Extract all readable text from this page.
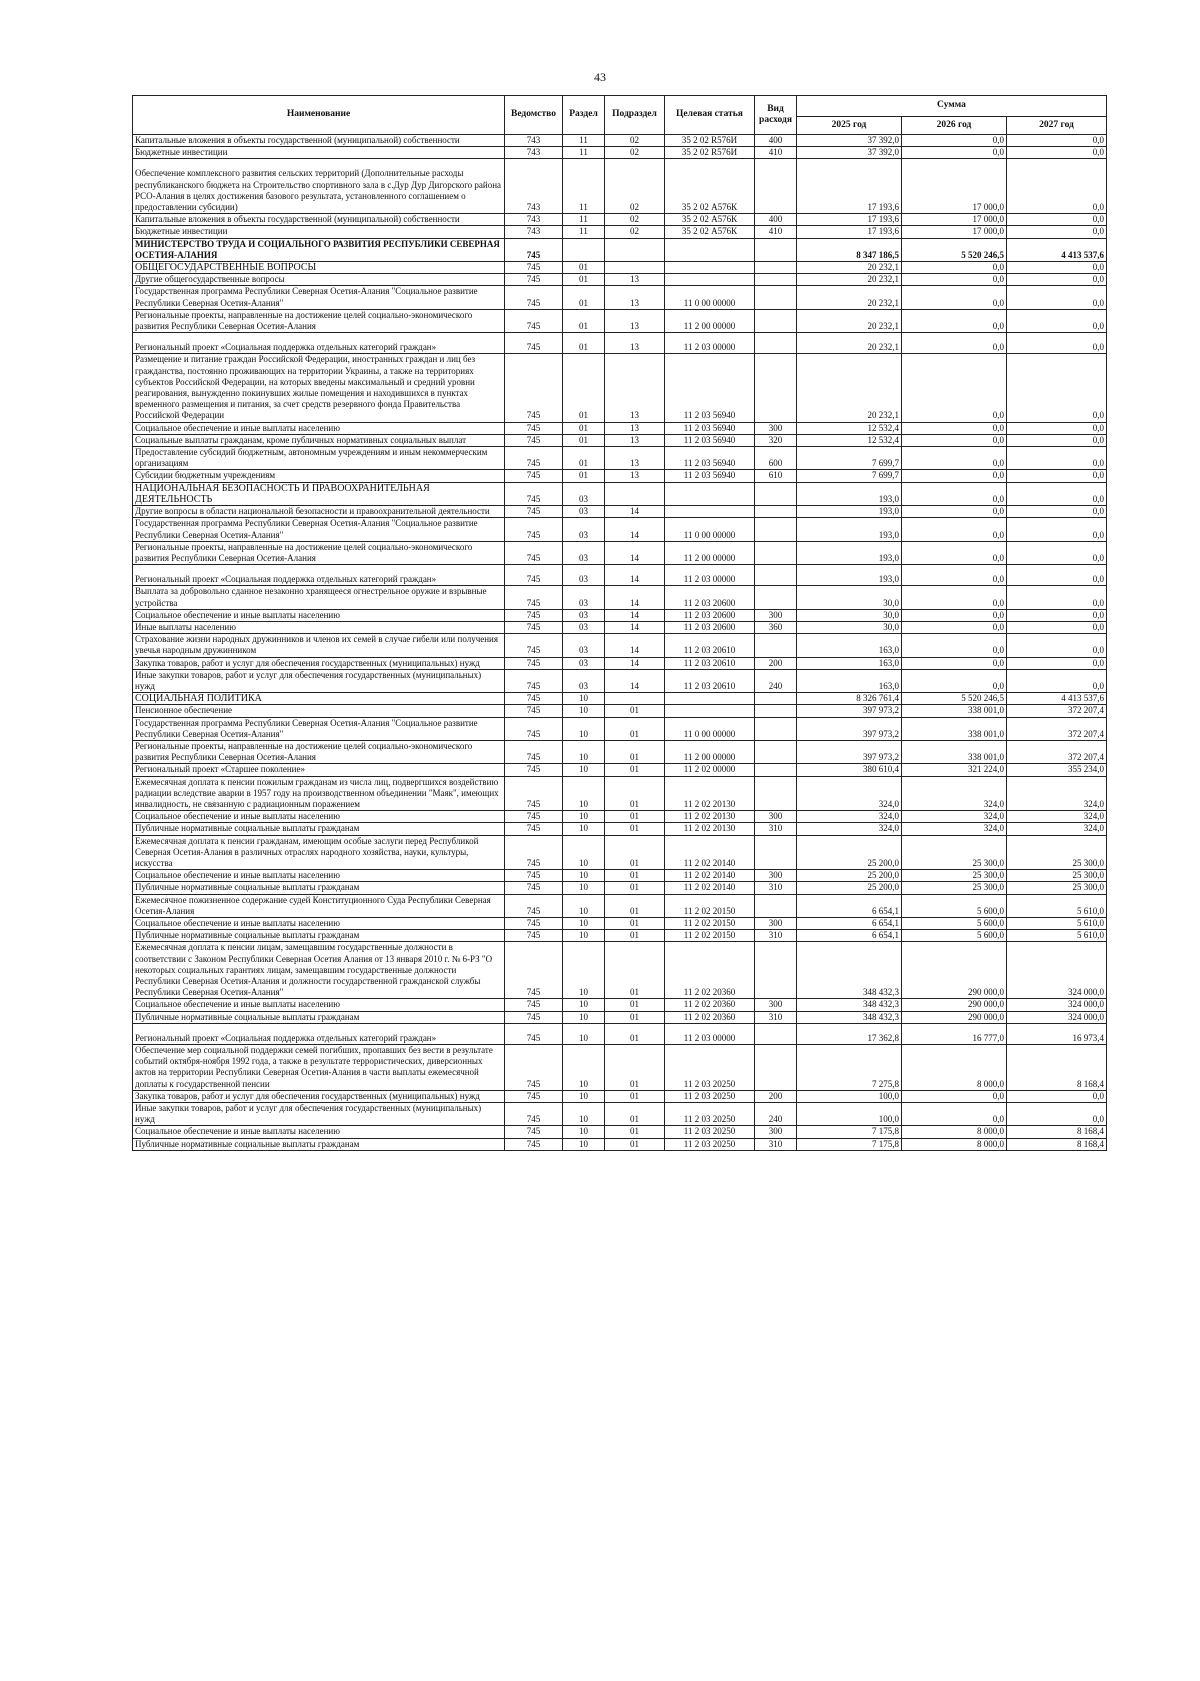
43
Наименование	Ведомство	Раздел	Подраздел	Целевая статья	Вид расходя	Сумма		
						2025 год	2026 год	2027 год
Капитальные вложения в объекты государственной (муниципальной) собственности	743	11	02	35 2 02 R576И	400	37 392,0	0,0	0,0
Бюджетные инвестиции	743	11	02	35 2 02 R576И	410	37 392,0	0,0	0,0
Обеспечение комплексного развития сельских территорий (Дополнительные расходы республиканского бюджета на Строительство спортивного зала в с.Дур Дур Дигорского района РСО-Алания в целях достижения базового результата, установленного соглашением о предоставлении субсидии)	743	11	02	35 2 02 А576К		17 193,6	17 000,0	0,0
Капитальные вложения в объекты государственной (муниципальной) собственности	743	11	02	35 2 02 А576К	400	17 193,6	17 000,0	0,0
Бюджетные инвестиции	743	11	02	35 2 02 А576К	410	17 193,6	17 000,0	0,0
МИНИСТЕРСТВО ТРУДА И СОЦИАЛЬНОГО РАЗВИТИЯ РЕСПУБЛИКИ СЕВЕРНАЯ ОСЕТИЯ-АЛАНИЯ	745					8 347 186,5	5 520 246,5	4 413 537,6
ОБЩЕГОСУДАРСТВЕННЫЕ ВОПРОСЫ	745	01				20 232,1	0,0	0,0
Другие общегосударственные вопросы	745	01	13			20 232,1	0,0	0,0
Государственная программа Республики Северная Осетия-Алания "Социальное развитие Республики Северная Осетия-Алания"	745	01	13	11 0 00 00000		20 232,1	0,0	0,0
Региональные проекты, направленные на достижение целей социально-экономического развития Республики Северная Осетия-Алания	745	01	13	11 2 00 00000		20 232,1	0,0	0,0
Региональный проект «Социальная поддержка отдельных категорий граждан»	745	01	13	11 2 03 00000		20 232,1	0,0	0,0
Размещение и питание граждан Российской Федерации, иностранных граждан и лиц без гражданства, постоянно проживающих на территории Украины, а также на территориях субъектов Российской Федерации, на которых введены максимальный и средний уровни реагирования, вынужденно покинувших жилые помещения и находившихся в пунктах временного размещения и питания, за счет средств резервного фонда Правительства Российской Федерации	745	01	13	11 2 03 56940		20 232,1	0,0	0,0
Социальное обеспечение и иные выплаты населению	745	01	13	11 2 03 56940	300	12 532,4	0,0	0,0
Социальные выплаты гражданам, кроме публичных нормативных социальных выплат	745	01	13	11 2 03 56940	320	12 532,4	0,0	0,0
Предоставление субсидий бюджетным, автономным учреждениям и иным некоммерческим организациям	745	01	13	11 2 03 56940	600	7 699,7	0,0	0,0
Субсидии бюджетным учреждениям	745	01	13	11 2 03 56940	610	7 699,7	0,0	0,0
НАЦИОНАЛЬНАЯ БЕЗОПАСНОСТЬ И ПРАВООХРАНИТЕЛЬНАЯ ДЕЯТЕЛЬНОСТЬ	745	03				193,0	0,0	0,0
Другие вопросы в области национальной безопасности и правоохранительной деятельности	745	03	14			193,0	0,0	0,0
Государственная программа Республики Северная Осетия-Алания "Социальное развитие Республики Северная Осетия-Алания"	745	03	14	11 0 00 00000		193,0	0,0	0,0
Региональные проекты, направленные на достижение целей социально-экономического развития Республики Северная Осетия-Алания	745	03	14	11 2 00 00000		193,0	0,0	0,0
Региональный проект «Социальная поддержка отдельных категорий граждан»	745	03	14	11 2 03 00000		193,0	0,0	0,0
Выплата за добровольно сданное незаконно хранящееся огнестрельное оружие и взрывные устройства	745	03	14	11 2 03 20600		30,0	0,0	0,0
Социальное обеспечение и иные выплаты населению	745	03	14	11 2 03 20600	300	30,0	0,0	0,0
Иные выплаты населению	745	03	14	11 2 03 20600	360	30,0	0,0	0,0
Страхование жизни народных дружинников и членов их семей в случае гибели или получения увечья народным дружинником	745	03	14	11 2 03 20610		163,0	0,0	0,0
Закупка товаров, работ и услуг для обеспечения государственных (муниципальных) нужд	745	03	14	11 2 03 20610	200	163,0	0,0	0,0
Иные закупки товаров, работ и услуг для обеспечения государственных (муниципальных) нужд	745	03	14	11 2 03 20610	240	163,0	0,0	0,0
СОЦИАЛЬНАЯ ПОЛИТИКА	745	10				8 326 761,4	5 520 246,5	4 413 537,6
Пенсионное обеспечение	745	10	01			397 973,2	338 001,0	372 207,4
Государственная программа Республики Северная Осетия-Алания "Социальное развитие Республики Северная Осетия-Алания"	745	10	01	11 0 00 00000		397 973,2	338 001,0	372 207,4
Региональные проекты, направленные на достижение целей социально-экономического развития Республики Северная Осетия-Алания	745	10	01	11 2 00 00000		397 973,2	338 001,0	372 207,4
Региональный проект «Старшее поколение»	745	10	01	11 2 02 00000		380 610,4	321 224,0	355 234,0
Ежемесячная доплата к пенсии пожилым гражданам из числа лиц, подвергшихся воздействию радиации вследствие аварии в 1957 году на производственном объединении "Маяк", имеющих инвалидность, не связанную с радиационным поражением	745	10	01	11 2 02 20130		324,0	324,0	324,0
Социальное обеспечение и иные выплаты населению	745	10	01	11 2 02 20130	300	324,0	324,0	324,0
Публичные нормативные социальные выплаты гражданам	745	10	01	11 2 02 20130	310	324,0	324,0	324,0
Ежемесячная доплата к пенсии гражданам, имеющим особые заслуги перед Республикой Северная Осетия-Алания в различных отраслях народного хозяйства, науки, культуры, искусства	745	10	01	11 2 02 20140		25 200,0	25 300,0	25 300,0
Социальное обеспечение и иные выплаты населению	745	10	01	11 2 02 20140	300	25 200,0	25 300,0	25 300,0
Публичные нормативные социальные выплаты гражданам	745	10	01	11 2 02 20140	310	25 200,0	25 300,0	25 300,0
Ежемесячное пожизненное содержание судей Конституционного Суда Республики Северная Осетия-Алания	745	10	01	11 2 02 20150		6 654,1	5 600,0	5 610,0
Социальное обеспечение и иные выплаты населению	745	10	01	11 2 02 20150	300	6 654,1	5 600,0	5 610,0
Публичные нормативные социальные выплаты гражданам	745	10	01	11 2 02 20150	310	6 654,1	5 600,0	5 610,0
Ежемесячная доплата к пенсии лицам, замещавшим государственные должности в соответствии с Законом Республики Северная Осетия Алания от 13 января 2010 г. № 6-РЗ "О некоторых социальных гарантиях лицам, замещавшим государственные должности Республики Северная Осетия-Алания и должности государственной гражданской службы Республики Северная Осетия-Алания"	745	10	01	11 2 02 20360		348 432,3	290 000,0	324 000,0
Социальное обеспечение и иные выплаты населению	745	10	01	11 2 02 20360	300	348 432,3	290 000,0	324 000,0
Публичные нормативные социальные выплаты гражданам	745	10	01	11 2 02 20360	310	348 432,3	290 000,0	324 000,0
Региональный проект «Социальная поддержка отдельных категорий граждан»	745	10	01	11 2 03 00000		17 362,8	16 777,0	16 973,4
Обеспечение мер социальной поддержки семей погибших, пропавших без вести в результате событий октября-ноября 1992 года, а также в результате террористических, диверсионных актов на территории Республики Северная Осетия-Алания в части выплаты ежемесячной доплаты к государственной пенсии	745	10	01	11 2 03 20250		7 275,8	8 000,0	8 168,4
Закупка товаров, работ и услуг для обеспечения государственных (муниципальных) нужд	745	10	01	11 2 03 20250	200	100,0	0,0	0,0
Иные закупки товаров, работ и услуг для обеспечения государственных (муниципальных) нужд	745	10	01	11 2 03 20250	240	100,0	0,0	0,0
Социальное обеспечение и иные выплаты населению	745	10	01	11 2 03 20250	300	7 175,8	8 000,0	8 168,4
Публичные нормативные социальные выплаты гражданам	745	10	01	11 2 03 20250	310	7 175,8	8 000,0	8 168,4
